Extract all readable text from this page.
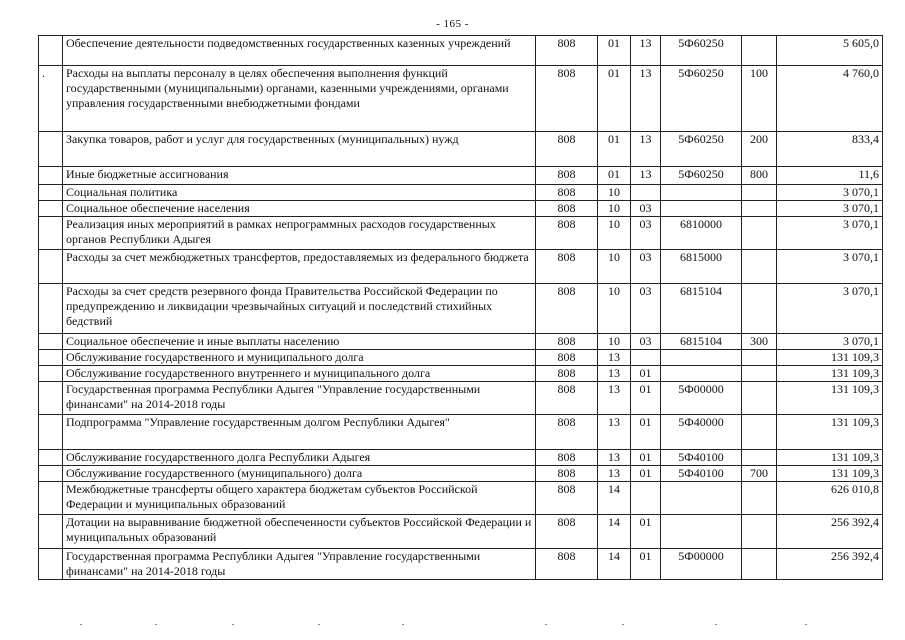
- 165 -
	Обеспечение деятельности подведомственных государственных казенных учреждений	808	01	13	5Ф60250		5 605,0
.	Расходы на выплаты персоналу в целях обеспечения выполнения функций государственными (муниципальными) органами, казенными учреждениями, органами управления государственными внебюджетными фондами	808	01	13	5Ф60250	100	4 760,0
	Закупка товаров, работ и услуг для государственных (муниципальных) нужд	808	01	13	5Ф60250	200	833,4
	Иные бюджетные ассигнования	808	01	13	5Ф60250	800	11,6
	Социальная политика	808	10				3 070,1
	Социальное обеспечение населения	808	10	03			3 070,1
	Реализация иных мероприятий в рамках непрограммных расходов государственных органов Республики Адыгея	808	10	03	6810000		3 070,1
	Расходы за счет межбюджетных трансфертов, предоставляемых из федерального бюджета	808	10	03	6815000		3 070,1
	Расходы за счет средств резервного фонда Правительства Российской Федерации по предупреждению и ликвидации чрезвычайных ситуаций и последствий стихийных бедствий	808	10	03	6815104		3 070,1
	Социальное обеспечение и иные выплаты населению	808	10	03	6815104	300	3 070,1
	Обслуживание государственного и муниципального долга	808	13				131 109,3
	Обслуживание государственного внутреннего и муниципального долга	808	13	01			131 109,3
	Государственная программа Республики Адыгея "Управление государственными финансами" на 2014-2018 годы	808	13	01	5Ф00000		131 109,3
	Подпрограмма "Управление государственным долгом Республики Адыгея"	808	13	01	5Ф40000		131 109,3
	Обслуживание государственного долга Республики Адыгея	808	13	01	5Ф40100		131 109,3
	Обслуживание государственного (муниципального) долга	808	13	01	5Ф40100	700	131 109,3
	Межбюджетные трансферты общего характера бюджетам субъектов Российской Федерации и муниципальных образований	808	14				626 010,8
	Дотации на выравнивание бюджетной обеспеченности субъектов Российской Федерации и муниципальных образований	808	14	01			256 392,4
	Государственная программа Республики Адыгея "Управление государственными финансами" на 2014-2018 годы	808	14	01	5Ф00000		256 392,4
